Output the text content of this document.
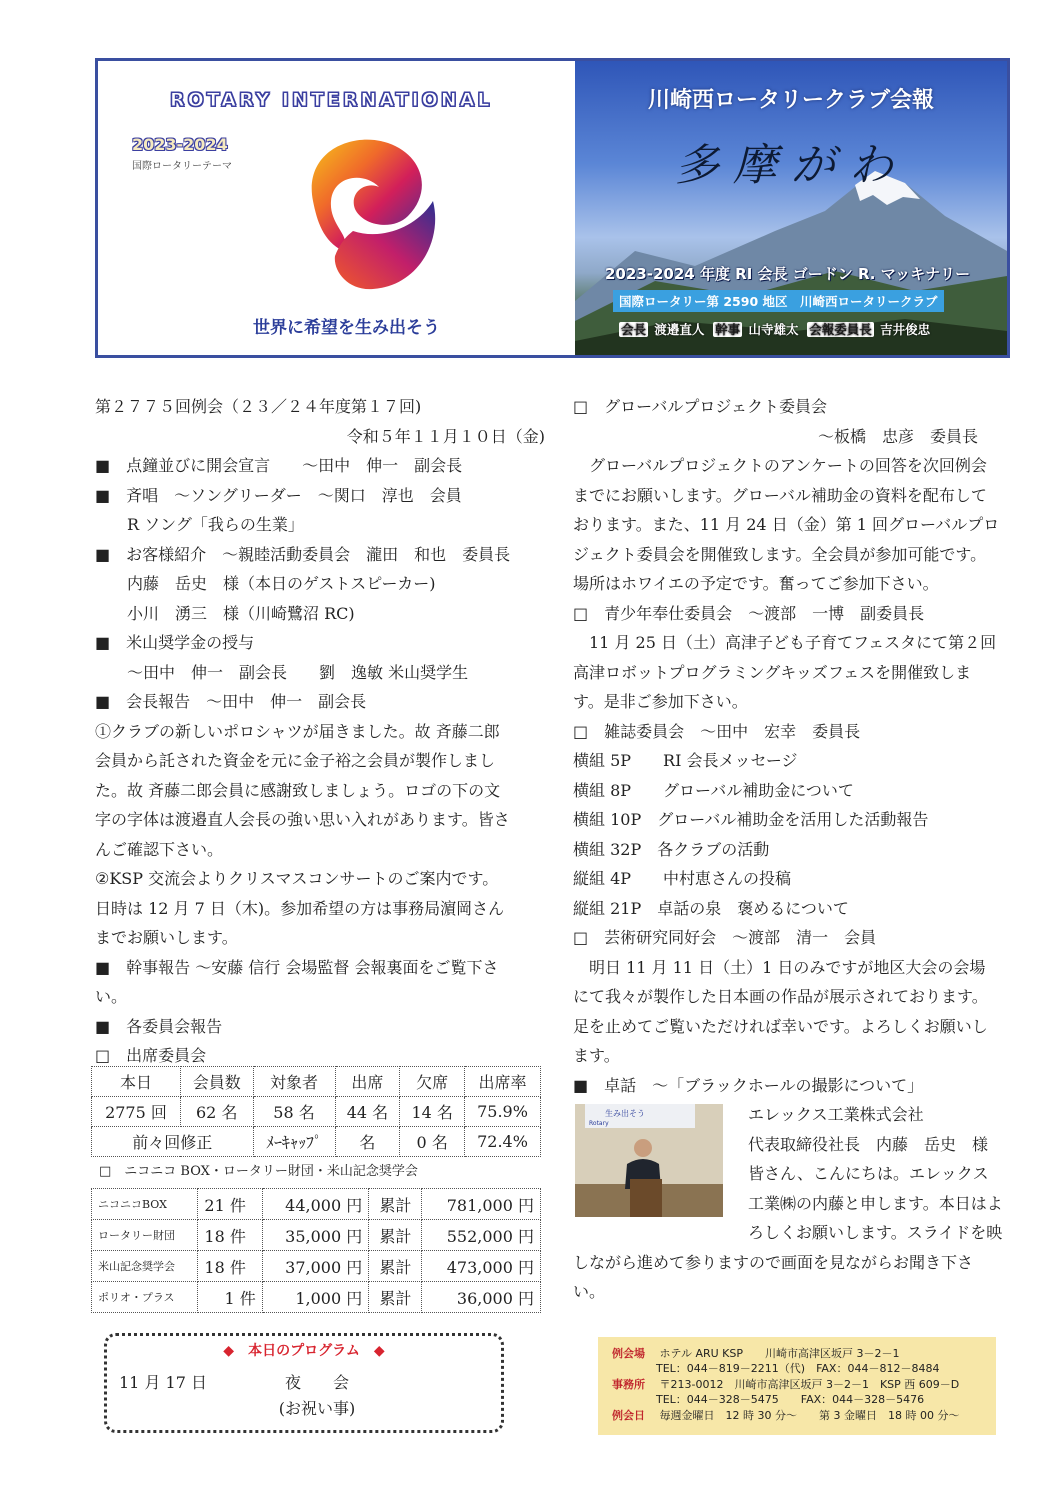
ROTARY INTERNATIONAL
2023-2024
国際ロータリーテーマ
世界に希望を生み出そう
川崎西ロータリークラブ会報
多摩がわ
2023-2024 年度 RI 会長 ゴードン R. マッキナリー
国際ロータリー第 2590 地区　川崎西ロータリークラブ
会長 渡邉直人 幹事 山寺雄太 会報委員長 吉井俊忠
第２７７５回例会（２３／２４年度第１７回)
令和５年１１月１０日（金)
■　点鐘並びに開会宣言　　～田中　伸一　副会長
■　斉唱　～ソングリーダー　～関口　淳也　会員
　　R ソング「我らの生業」
■　お客様紹介　～親睦活動委員会　瀧田　和也　委員長
　　内藤　岳史　様（本日のゲストスピーカー)
　　小川　湧三　様（川崎鷺沼 RC)
■　米山奨学金の授与
　　～田中　伸一　副会長　　劉　逸敏 米山奨学生
■　会長報告　～田中　伸一　副会長
①クラブの新しいポロシャツが届きました。故 斉藤二郎
会員から託された資金を元に金子裕之会員が製作しまし
た。故 斉藤二郎会員に感謝致しましょう。ロゴの下の文
字の字体は渡邉直人会長の強い思い入れがあります。皆さ
んご確認下さい。
②KSP 交流会よりクリスマスコンサートのご案内です。
日時は 12 月 7 日（木)。参加希望の方は事務局濵岡さん
までお願いします。
■　幹事報告 ～安藤 信行 会場監督 会報裏面をご覧下さ
い。
■　各委員会報告
□　出席委員会
本日	会員数	対象者	出席	欠席	出席率
2775 回	62 名	58 名	44 名	14 名	75.9%
前々回修正		ﾒｰｷｬｯﾌﾟ	名	0 名	72.4%
□　ニコニコ BOX・ロータリー財団・米山記念奨学会
ニコニコBOX	21 件	44,000 円	累計	781,000 円
ロータリー財団	18 件	35,000 円	累計	552,000 円
米山記念奨学会	18 件	37,000 円	累計	473,000 円
ポリオ・プラス	1 件	1,000 円	累計	36,000 円
◆　本日のプログラム　◆
11 月 17 日	夜　　会
(お祝い事)
□　グローバルプロジェクト委員会
～板橋　忠彦　委員長
　グローバルプロジェクトのアンケートの回答を次回例会
までにお願いします。グローバル補助金の資料を配布して
おります。また、11 月 24 日（金）第 1 回グローバルプロ
ジェクト委員会を開催致します。全会員が参加可能です。
場所はホワイエの予定です。奮ってご参加下さい。
□　青少年奉仕委員会　～渡部　一博　副委員長
　11 月 25 日（土）高津子ども子育てフェスタにて第２回
高津ロボットプログラミングキッズフェスを開催致しま
す。是非ご参加下さい。
□　雑誌委員会　～田中　宏幸　委員長
横組 5P　　RI 会長メッセージ
横組 8P　　グローバル補助金について
横組 10P　グローバル補助金を活用した活動報告
横組 32P　各クラブの活動
縦組 4P　　中村恵さんの投稿
縦組 21P　卓話の泉　褒めるについて
□　芸術研究同好会　～渡部　清一　会員
　明日 11 月 11 日（土）1 日のみですが地区大会の会場
にて我々が製作した日本画の作品が展示されております。
足を止めてご覧いただければ幸いです。よろしくお願いし
ます。
■　卓話　～「ブラックホールの撮影について」
エレックス工業株式会社
代表取締役社長　内藤　岳史　様
皆さん、こんにちは。エレックス
工業㈱の内藤と申します。本日はよ
ろしくお願いします。スライドを映
しながら進めて参りますので画面を見ながらお聞き下さ
い。
生み出そう
Rotary
例会場 ホテル ARU KSP　　川崎市高津区坂戸 3－2－1
TEL：044－819－2211（代)　FAX：044－812－8484
事務所 〒213-0012　川崎市高津区坂戸 3－2－1　KSP 西 609－D
TEL：044－328－5475　　FAX：044－328－5476
例会日 毎週金曜日　12 時 30 分～　　第 3 金曜日　18 時 00 分～
